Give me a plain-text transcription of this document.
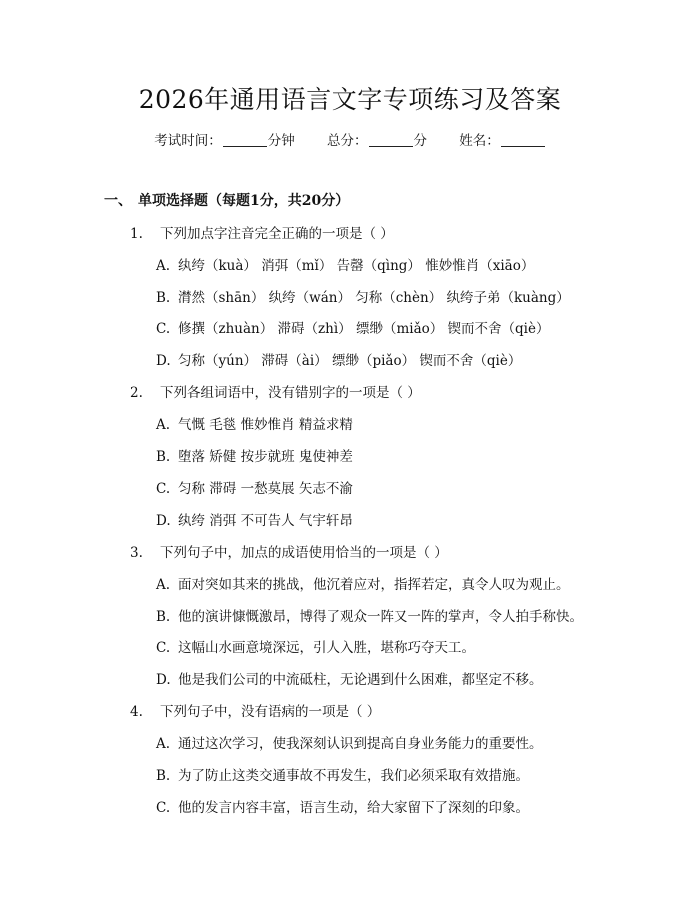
2026年通用语言文字专项练习及答案
考试时间：	分钟 总分：	分 姓名：
一、 单项选择题（每题1分，共20分）
1. 下列加点字注音完全正确的一项是（ ）
A. 纨绔（kuà） 消弭（mǐ） 告罄（qìng） 惟妙惟肖（xiāo）
B. 潸然（shān） 纨绔（wán） 匀称（chèn） 纨绔子弟（kuàng）
C. 修撰（zhuàn） 滞碍（zhì） 缥缈（miǎo） 锲而不舍（qiè）
D. 匀称（yún） 滞碍（ài） 缥缈（piǎo） 锲而不舍（qiè）
2. 下列各组词语中，没有错别字的一项是（ ）
A. 气慨 毛毯 惟妙惟肖 精益求精
B. 堕落 矫健 按步就班 鬼使神差
C. 匀称 滞碍 一愁莫展 矢志不渝
D. 纨绔 消弭 不可告人 气宇轩昂
3. 下列句子中，加点的成语使用恰当的一项是（ ）
A. 面对突如其来的挑战，他沉着应对，指挥若定，真令人叹为观止。
B. 他的演讲慷慨激昂，博得了观众一阵又一阵的掌声，令人拍手称快。
C. 这幅山水画意境深远，引人入胜，堪称巧夺天工。
D. 他是我们公司的中流砥柱，无论遇到什么困难，都坚定不移。
4. 下列句子中，没有语病的一项是（ ）
A. 通过这次学习，使我深刻认识到提高自身业务能力的重要性。
B. 为了防止这类交通事故不再发生，我们必须采取有效措施。
C. 他的发言内容丰富，语言生动，给大家留下了深刻的印象。
